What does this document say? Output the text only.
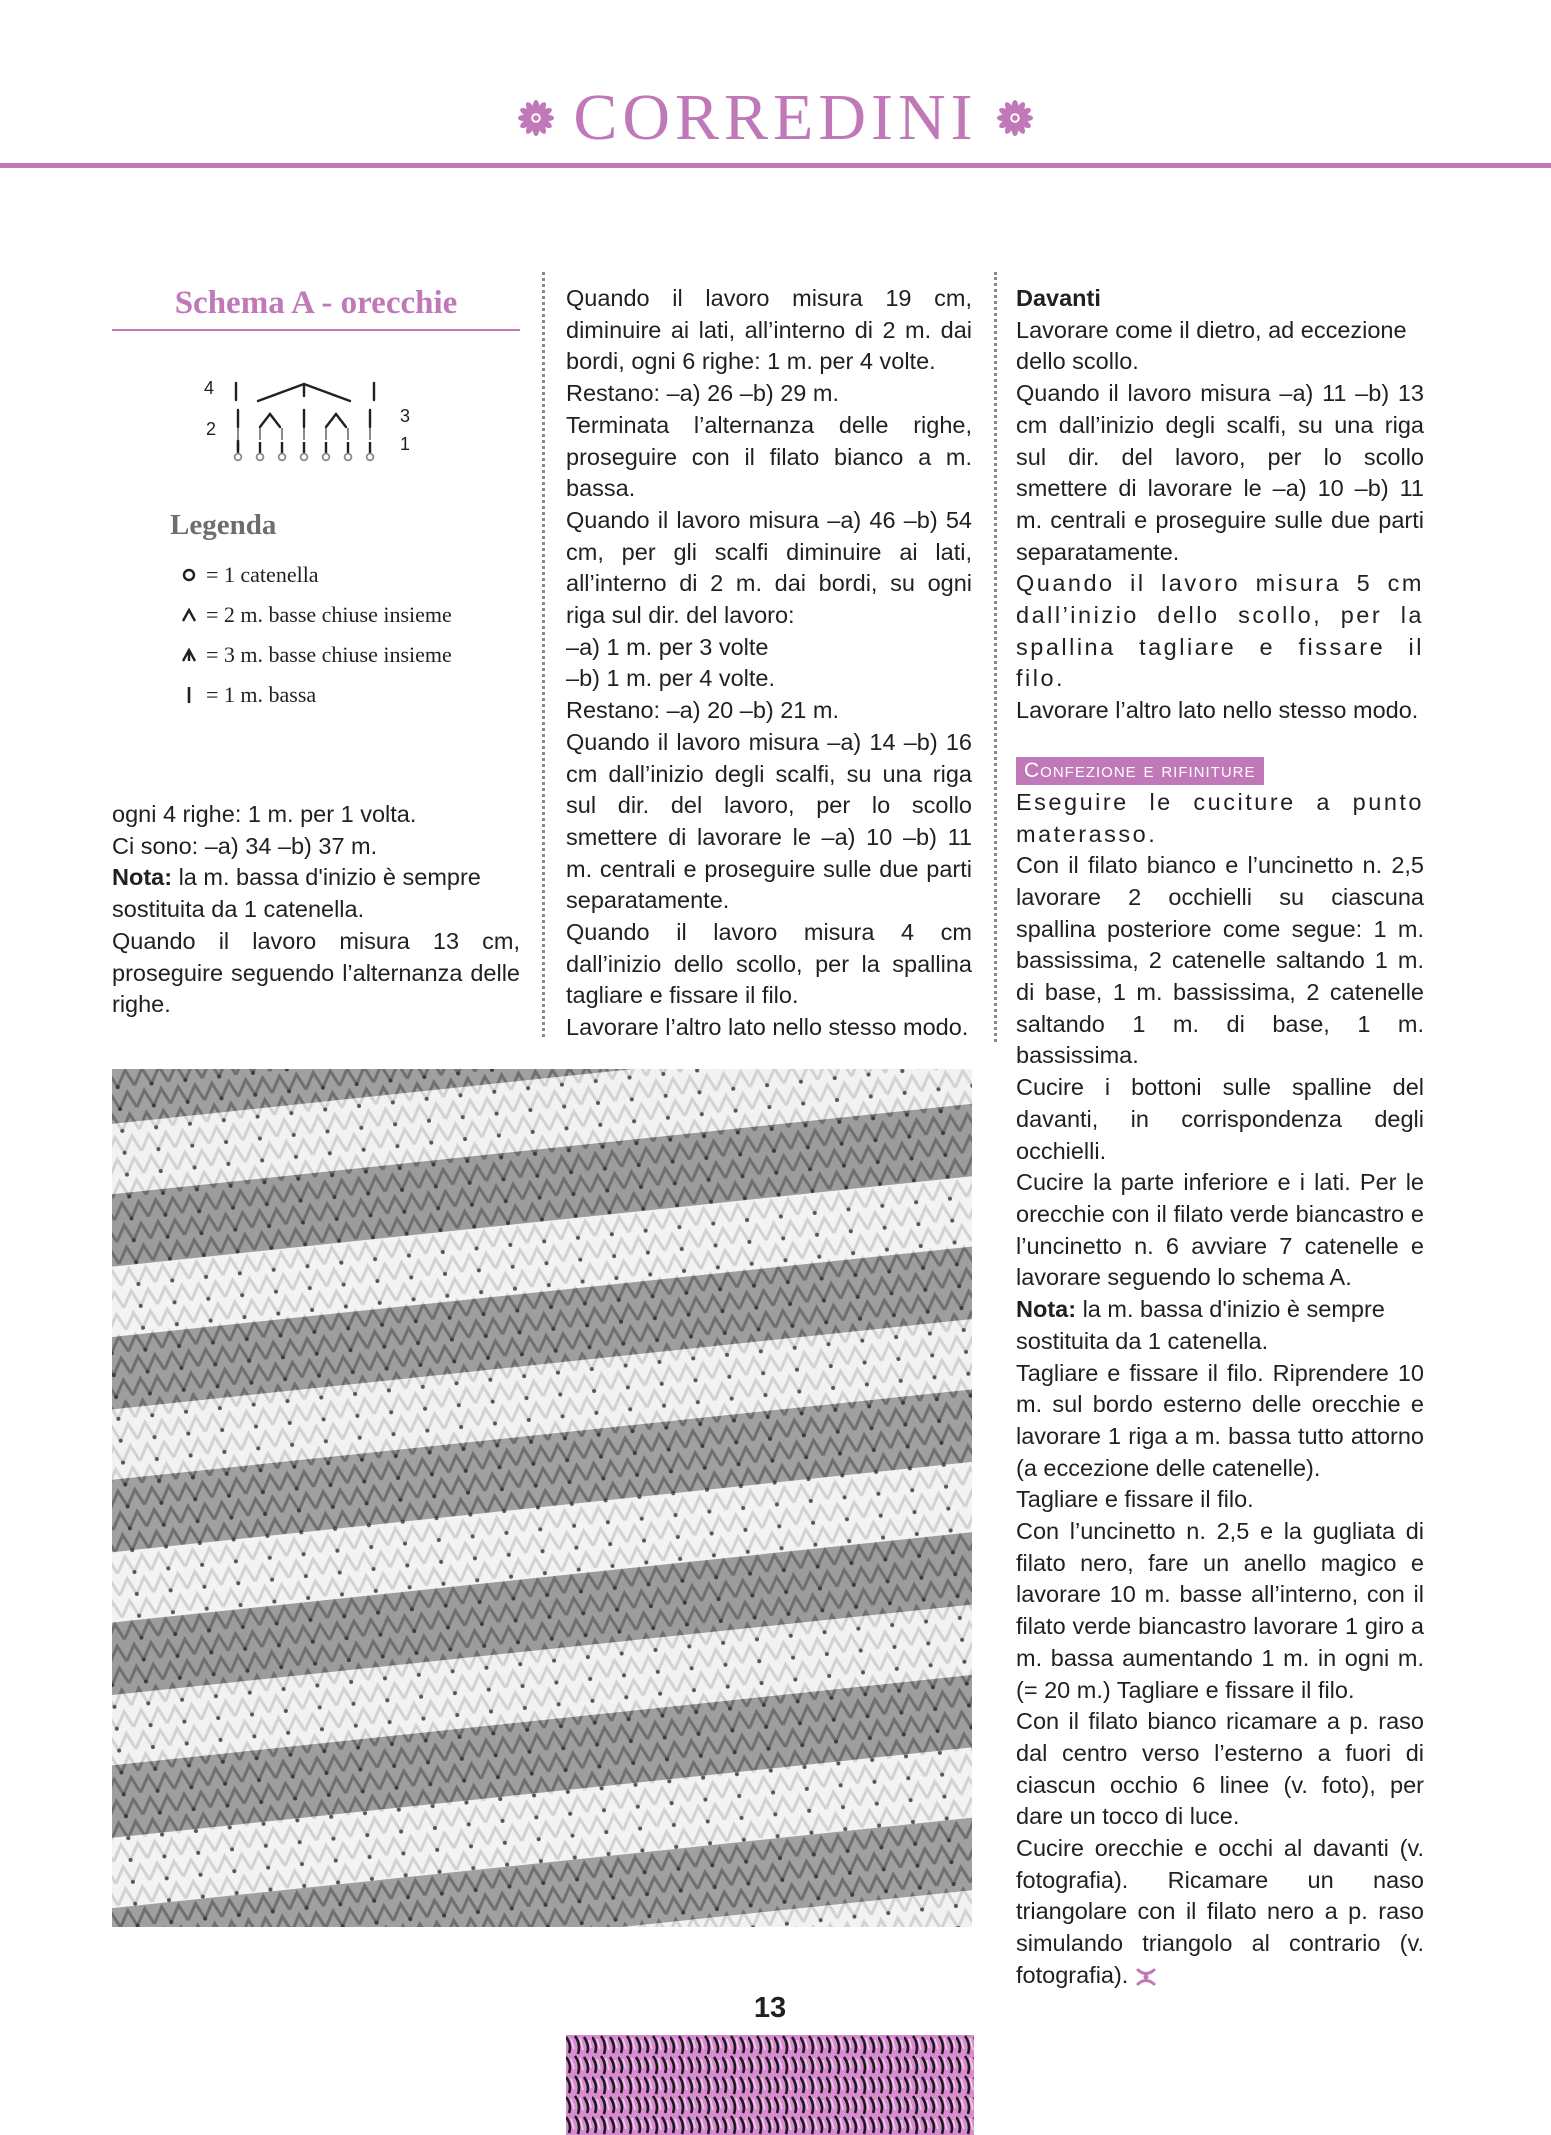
CORREDINI
Schema A - orecchie
4
3
2
1
Legenda
= 1 catenella
= 2 m. basse chiuse insieme
= 3 m. basse chiuse insieme
= 1 m. bassa

ogni 4 righe: 1 m. per 1 volta.

Ci sono: –a) 34 –b) 37 m.

Nota: la m. bassa d'inizio è sempre sostituita da 1 catenella.

Quando il lavoro misura 13 cm, proseguire seguendo l’alternanza delle righe.

Quando il lavoro misura 19 cm, diminuire ai lati, all’interno di 2 m. dai bordi, ogni 6 righe: 1 m. per 4 volte.

Restano: –a) 26 –b) 29 m.

Terminata l’alternanza delle righe, proseguire con il filato bianco a m. bassa.

Quando il lavoro misura –a) 46 –b) 54 cm, per gli scalfi diminuire ai lati, all’interno di 2 m. dai bordi, su ogni riga sul dir. del lavoro:

–a) 1 m. per 3 volte

–b) 1 m. per 4 volte.

Restano: –a) 20 –b) 21 m.

Quando il lavoro misura –a) 14 –b) 16 cm dall’inizio degli scalfi, su una riga sul dir. del lavoro, per lo scollo smettere di lavorare le –a) 10 –b) 11 m. centrali e proseguire sulle due parti separatamente.

Quando il lavoro misura 4 cm dall’inizio dello scollo, per la spallina tagliare e fissare il filo.

Lavorare l’altro lato nello stesso modo.

Davanti

Lavorare come il dietro, ad eccezione dello scollo.

Quando il lavoro misura –a) 11 –b) 13 cm dall’inizio degli scalfi, su una riga sul dir. del lavoro, per lo scollo smettere di lavorare le –a) 10 –b) 11 m. centrali e proseguire sulle due parti separatamente.

Quando il lavoro misura 5 cm dall’inizio dello scollo, per la spallina tagliare e fissare il filo.

Lavorare l’altro lato nello stesso modo.

Confezione e rifiniture

Eseguire le cuciture a punto materasso.

Con il filato bianco e l’uncinetto n. 2,5 lavorare 2 occhielli su ciascuna spallina posteriore come segue: 1 m. bassissima, 2 catenelle saltando 1 m. di base, 1 m. bassissima, 2 catenelle saltando 1 m. di base, 1 m. bassissima.

Cucire i bottoni sulle spalline del davanti, in corrispondenza degli occhielli.

Cucire la parte inferiore e i lati. Per le orecchie con il filato verde biancastro e l’uncinetto n. 6 avviare 7 catenelle e lavorare seguendo lo schema A.

Nota: la m. bassa d'inizio è sempre sostituita da 1 catenella.

Tagliare e fissare il filo. Riprendere 10 m. sul bordo esterno delle orecchie e lavorare 1 riga a m. bassa tutto attorno (a eccezione delle catenelle).

Tagliare e fissare il filo.

Con l’uncinetto n. 2,5 e la gugliata di filato nero, fare un anello magico e lavorare 10 m. basse all’interno, con il filato verde biancastro lavorare 1 giro a m. bassa aumentando 1 m. in ogni m. (= 20 m.) Tagliare e fissare il filo.

Con il filato bianco ricamare a p. raso dal centro verso l’esterno a fuori di ciascun occhio 6 linee (v. foto), per dare un tocco di luce.

Cucire orecchie e occhi al davanti (v. fotografia). Ricamare un naso triangolare con il filato nero a p. raso simulando triangolo al contrario (v. fotografia).

13
